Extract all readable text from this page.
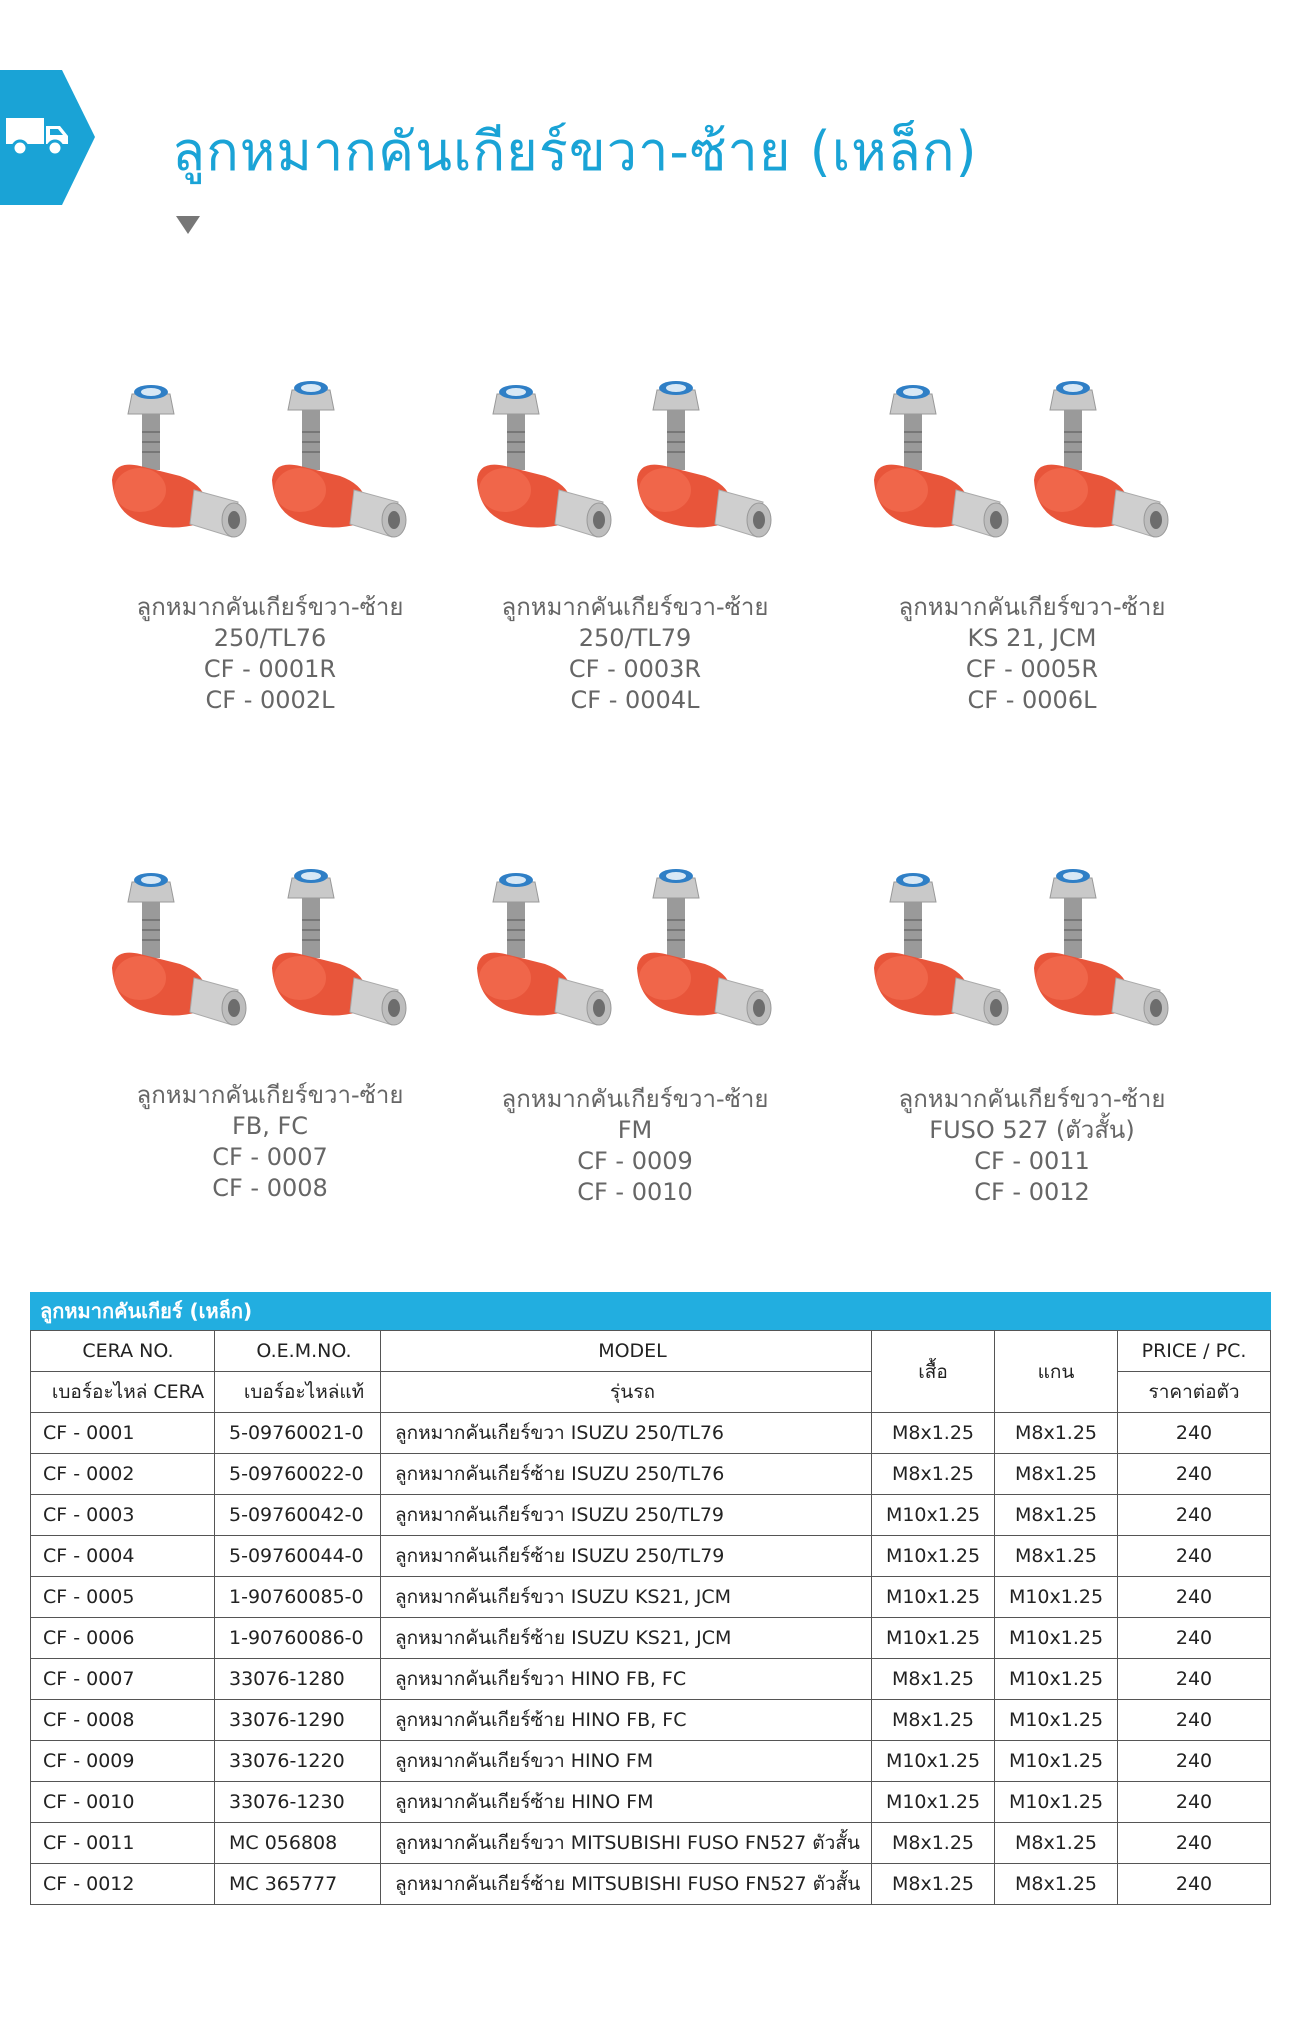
ลูกหมากคันเกียร์ขวา-ซ้าย (เหล็ก)
ลูกหมากคันเกียร์ขวา-ซ้าย
250/TL76
CF - 0001R
CF - 0002L
ลูกหมากคันเกียร์ขวา-ซ้าย
250/TL79
CF - 0003R
CF - 0004L
ลูกหมากคันเกียร์ขวา-ซ้าย
KS 21, JCM
CF - 0005R
CF - 0006L
ลูกหมากคันเกียร์ขวา-ซ้าย
FB, FC
CF - 0007
CF - 0008
ลูกหมากคันเกียร์ขวา-ซ้าย
FM
CF - 0009
CF - 0010
ลูกหมากคันเกียร์ขวา-ซ้าย
FUSO 527 (ตัวสั้น)
CF - 0011
CF - 0012
ลูกหมากคันเกียร์ (เหล็ก)
CERA NO.	O.E.M.NO.	MODEL	เสื้อ	แกน	PRICE / PC.
เบอร์อะไหล่ CERA	เบอร์อะไหล่แท้	รุ่นรถ			ราคาต่อตัว
CF - 0001	5-09760021-0	ลูกหมากคันเกียร์ขวา ISUZU 250/TL76	M8x1.25	M8x1.25	240
CF - 0002	5-09760022-0	ลูกหมากคันเกียร์ซ้าย ISUZU 250/TL76	M8x1.25	M8x1.25	240
CF - 0003	5-09760042-0	ลูกหมากคันเกียร์ขวา ISUZU 250/TL79	M10x1.25	M8x1.25	240
CF - 0004	5-09760044-0	ลูกหมากคันเกียร์ซ้าย ISUZU 250/TL79	M10x1.25	M8x1.25	240
CF - 0005	1-90760085-0	ลูกหมากคันเกียร์ขวา ISUZU KS21, JCM	M10x1.25	M10x1.25	240
CF - 0006	1-90760086-0	ลูกหมากคันเกียร์ซ้าย ISUZU KS21, JCM	M10x1.25	M10x1.25	240
CF - 0007	33076-1280	ลูกหมากคันเกียร์ขวา HINO FB, FC	M8x1.25	M10x1.25	240
CF - 0008	33076-1290	ลูกหมากคันเกียร์ซ้าย HINO FB, FC	M8x1.25	M10x1.25	240
CF - 0009	33076-1220	ลูกหมากคันเกียร์ขวา HINO FM	M10x1.25	M10x1.25	240
CF - 0010	33076-1230	ลูกหมากคันเกียร์ซ้าย HINO FM	M10x1.25	M10x1.25	240
CF - 0011	MC 056808	ลูกหมากคันเกียร์ขวา MITSUBISHI FUSO FN527 ตัวสั้น	M8x1.25	M8x1.25	240
CF - 0012	MC 365777	ลูกหมากคันเกียร์ซ้าย MITSUBISHI FUSO FN527 ตัวสั้น	M8x1.25	M8x1.25	240
